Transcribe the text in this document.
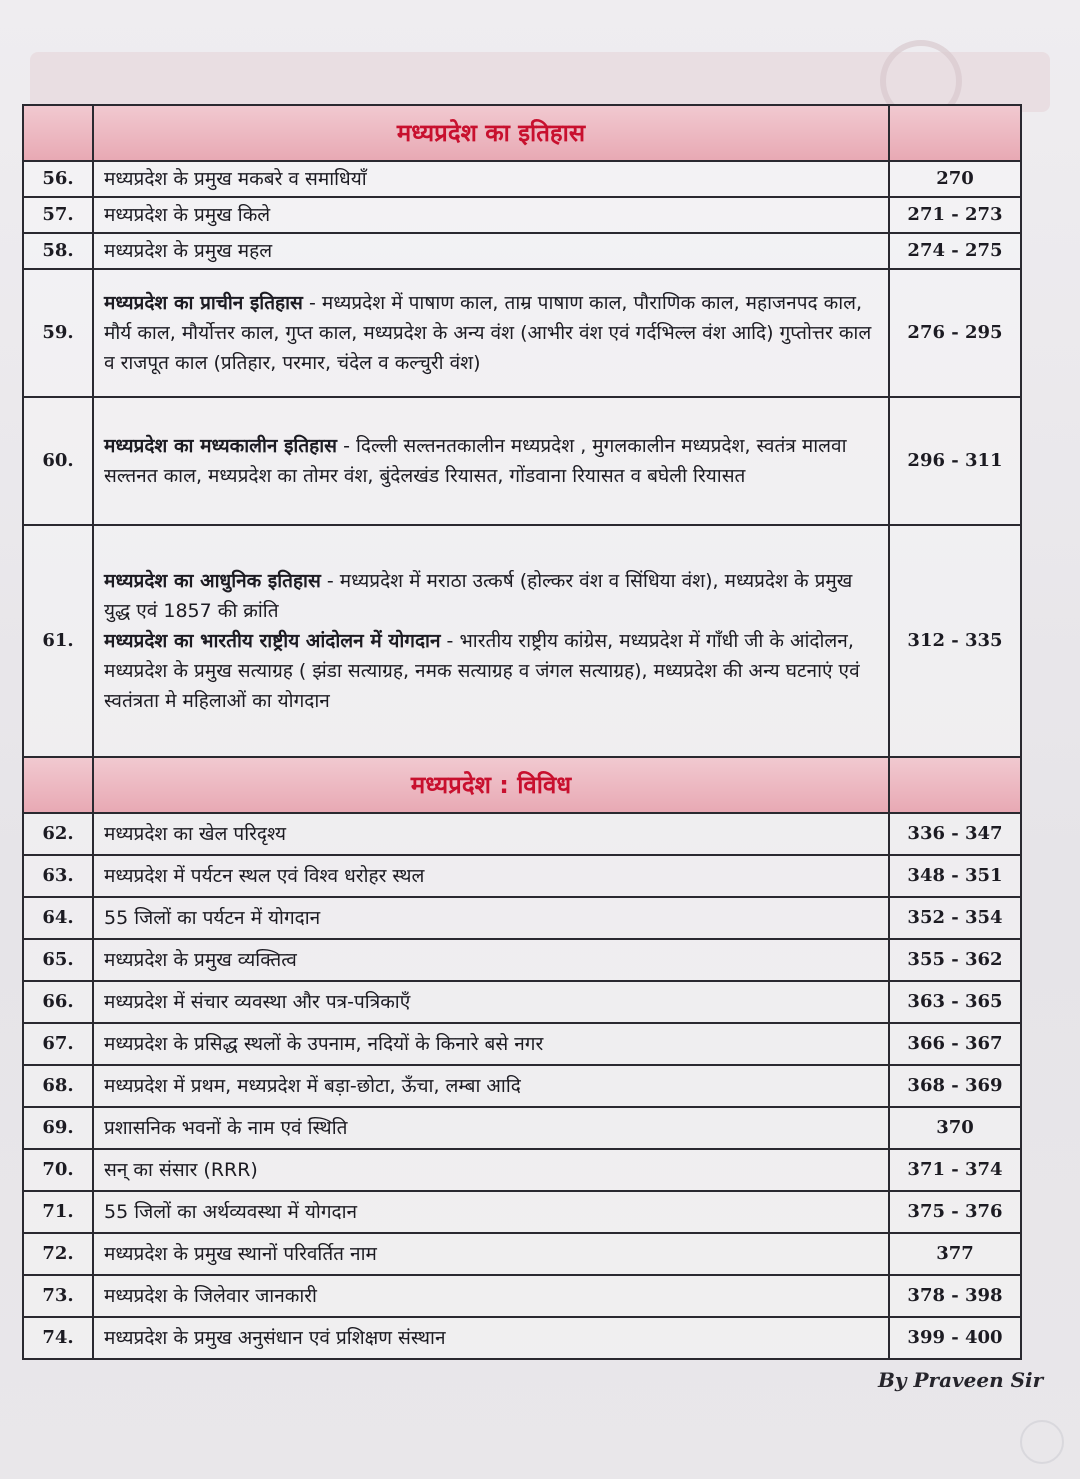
	मध्यप्रदेश का इतिहास	
56.	मध्यप्रदेश के प्रमुख मकबरे व समाधियाँ	270
57.	मध्यप्रदेश के प्रमुख किले	271 - 273
58.	मध्यप्रदेश के प्रमुख महल	274 - 275
59.	मध्यप्रदेश का प्राचीन इतिहास - मध्यप्रदेश में पाषाण काल, ताम्र पाषाण काल, पौराणिक काल, महाजनपद काल, मौर्य काल, मौर्योत्तर काल, गुप्त काल, मध्यप्रदेश के अन्य वंश (आभीर वंश एवं गर्दभिल्ल वंश आदि) गुप्तोत्तर काल व राजपूत काल (प्रतिहार, परमार, चंदेल व कल्चुरी वंश)	276 - 295
60.	मध्यप्रदेश का मध्यकालीन इतिहास - दिल्ली सल्तनतकालीन मध्यप्रदेश , मुगलकालीन मध्यप्रदेश, स्वतंत्र मालवा सल्तनत काल, मध्यप्रदेश का तोमर वंश, बुंदेलखंड रियासत, गोंडवाना रियासत व बघेली रियासत	296 - 311
61.	मध्यप्रदेश का आधुनिक इतिहास - मध्यप्रदेश में मराठा उत्कर्ष (होल्कर वंश व सिंधिया वंश), मध्यप्रदेश के प्रमुख युद्ध एवं 1857 की क्रांति
मध्यप्रदेश का भारतीय राष्ट्रीय आंदोलन में योगदान - भारतीय राष्ट्रीय कांग्रेस, मध्यप्रदेश में गाँधी जी के आंदोलन, मध्यप्रदेश के प्रमुख सत्याग्रह ( झंडा सत्याग्रह, नमक सत्याग्रह व जंगल सत्याग्रह), मध्यप्रदेश की अन्य घटनाएं एवं स्वतंत्रता मे महिलाओं का योगदान	312 - 335
	मध्यप्रदेश : विविध	
62.	मध्यप्रदेश का खेल परिदृश्य	336 - 347
63.	मध्यप्रदेश में पर्यटन स्थल एवं विश्व धरोहर स्थल	348 - 351
64.	55 जिलों का पर्यटन में योगदान	352 - 354
65.	मध्यप्रदेश के प्रमुख व्यक्तित्व	355 - 362
66.	मध्यप्रदेश में संचार व्यवस्था और पत्र-पत्रिकाएँ	363 - 365
67.	मध्यप्रदेश के प्रसिद्ध स्थलों के उपनाम, नदियों के किनारे बसे नगर	366 - 367
68.	मध्यप्रदेश में प्रथम, मध्यप्रदेश में बड़ा-छोटा, ऊँचा, लम्बा आदि	368 - 369
69.	प्रशासनिक भवनों के नाम एवं स्थिति	370
70.	सन् का संसार (RRR)	371 - 374
71.	55 जिलों का अर्थव्यवस्था में योगदान	375 - 376
72.	मध्यप्रदेश के प्रमुख स्थानों परिवर्तित नाम	377
73.	मध्यप्रदेश के जिलेवार जानकारी	378 - 398
74.	मध्यप्रदेश के प्रमुख अनुसंधान एवं प्रशिक्षण संस्थान	399 - 400
By Praveen Sir
